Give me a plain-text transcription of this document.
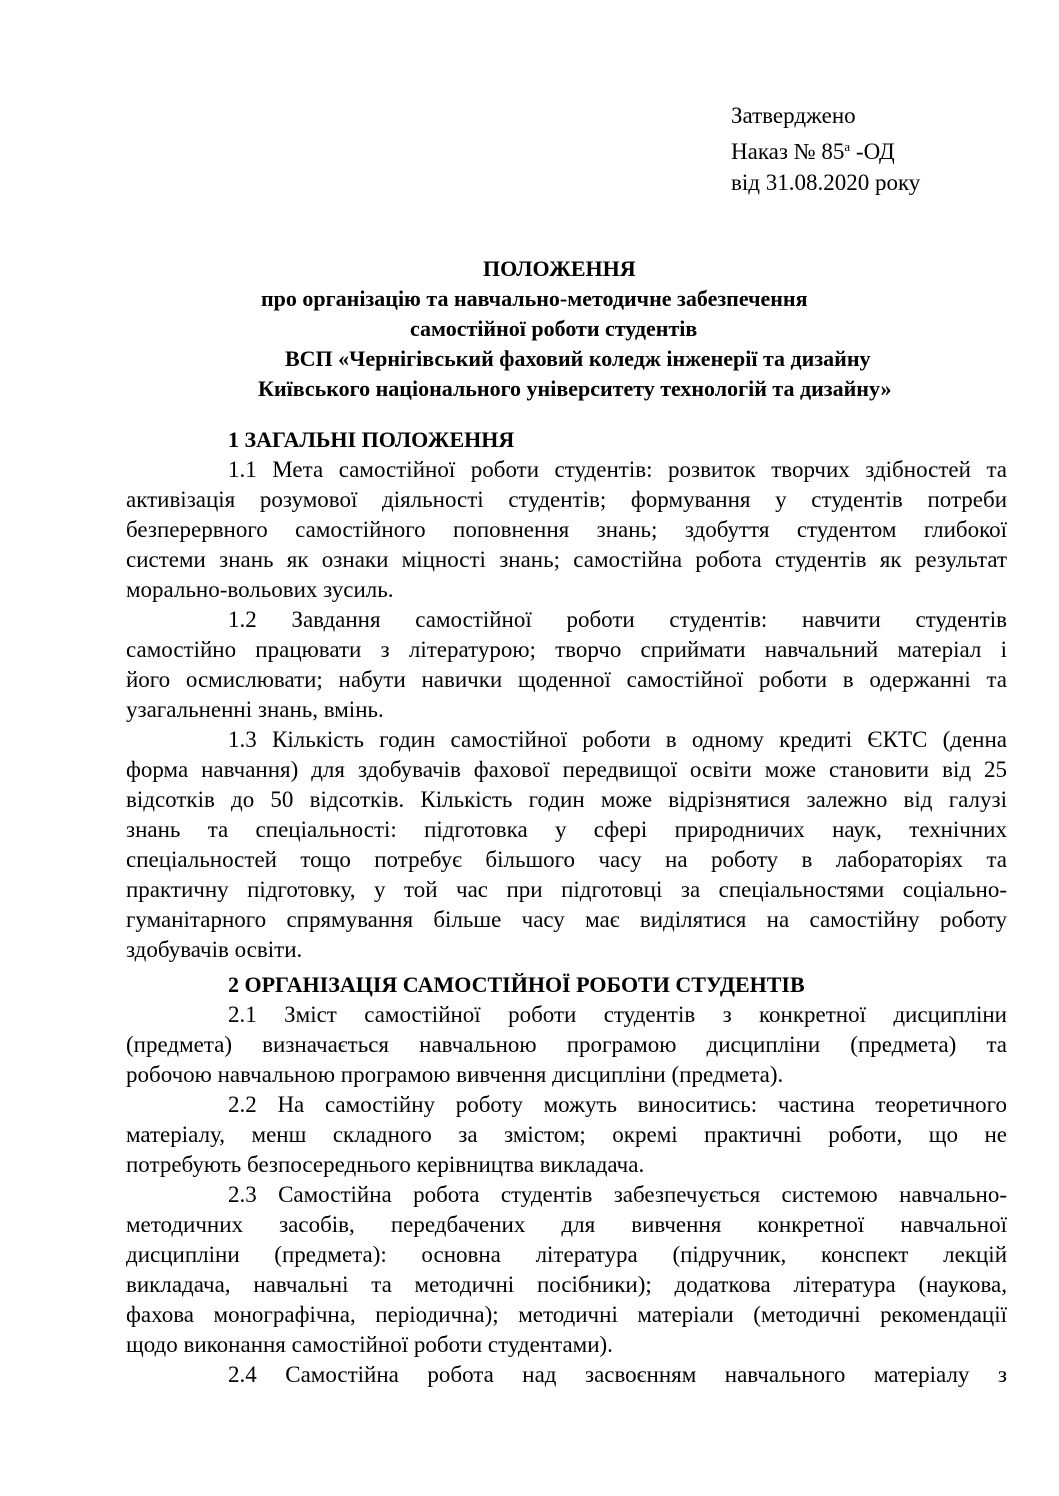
Затверджено
Наказ № $85^а$ -ОД
від 31.08.2020 року
ПОЛОЖЕННЯ
про організацію та навчально-методичне забезпечення
самостійної роботи студентів
ВСП «Чернігівський фаховий коледж інженерії та дизайну
Київського національного університету технологій та дизайну»
1 ЗАГАЛЬНІ ПОЛОЖЕННЯ
1.1 Мета самостійної роботи студентів: розвиток творчих здібностей та
активізація розумової діяльності студентів; формування у студентів потреби
безперервного самостійного поповнення знань; здобуття студентом глибокої
системи знань як ознаки міцності знань; самостійна робота студентів як результат
морально-вольових зусиль.
1.2 Завдання самостійної роботи студентів: навчити студентів
самостійно працювати з літературою; творчо сприймати навчальний матеріал і
його осмислювати; набути навички щоденної самостійної роботи в одержанні та
узагальненні знань, вмінь.
1.3 Кількість годин самостійної роботи в одному кредиті ЄКТС (денна
форма навчання) для здобувачів фахової передвищої освіти може становити від 25
відсотків до 50 відсотків. Кількість годин може відрізнятися залежно від галузі
знань та спеціальності: підготовка у сфері природничих наук, технічних
спеціальностей тощо потребує більшого часу на роботу в лабораторіях та
практичну підготовку, у той час при підготовці за спеціальностями соціально-
гуманітарного спрямування більше часу має виділятися на самостійну роботу
здобувачів освіти.
2 ОРГАНІЗАЦІЯ САМОСТІЙНОЇ РОБОТИ СТУДЕНТІВ
2.1 Зміст самостійної роботи студентів з конкретної дисципліни
(предмета) визначається навчальною програмою дисципліни (предмета) та
робочою навчальною програмою вивчення дисципліни (предмета).
2.2 На самостійну роботу можуть виноситись: частина теоретичного
матеріалу, менш складного за змістом; окремі практичні роботи, що не
потребують безпосереднього керівництва викладача.
2.3 Самостійна робота студентів забезпечується системою навчально-
методичних засобів, передбачених для вивчення конкретної навчальної
дисципліни (предмета): основна література (підручник, конспект лекцій
викладача, навчальні та методичні посібники); додаткова література (наукова,
фахова монографічна, періодична); методичні матеріали (методичні рекомендації
щодо виконання самостійної роботи студентами).
2.4 Самостійна робота над засвоєнням навчального матеріалу з
